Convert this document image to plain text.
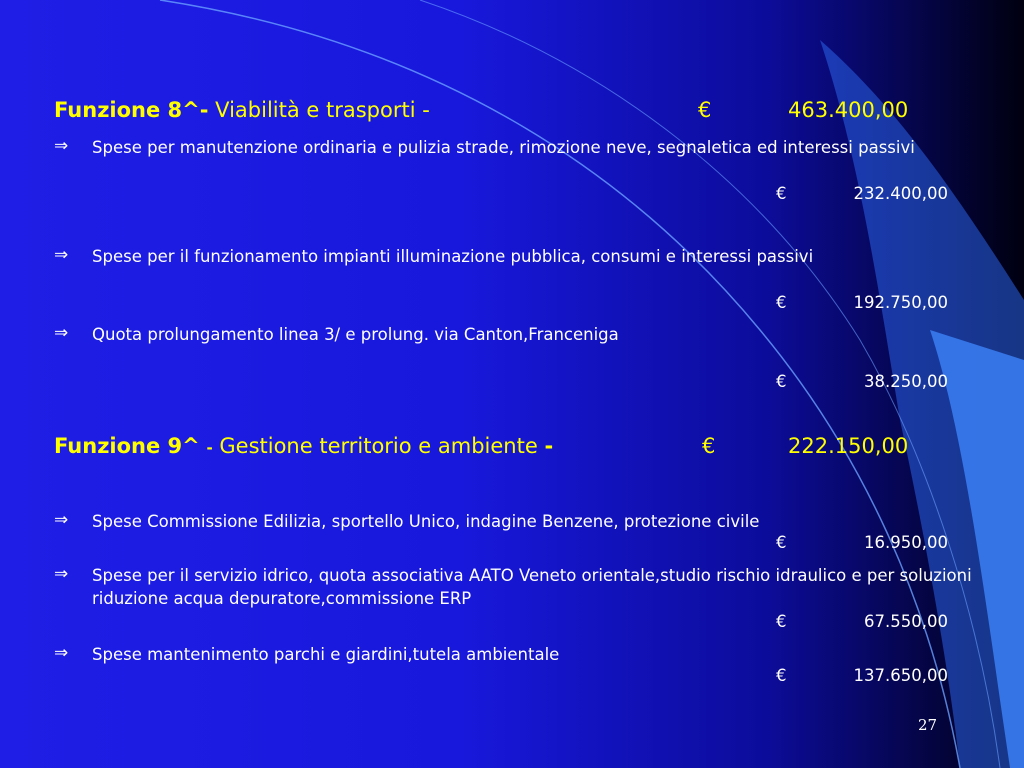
Funzione 8^- Viabilità e trasporti -	€	463.400,00
⇒ Spese per manutenzione ordinaria e pulizia strade, rimozione neve, segnaletica ed interessi passivi
€	232.400,00
⇒ Spese per il funzionamento impianti illuminazione pubblica, consumi e interessi passivi
€	192.750,00
⇒ Quota prolungamento linea 3/ e prolung. via Canton,Franceniga
€	38.250,00
Funzione 9^ - Gestione territorio e ambiente -	€	222.150,00
⇒ Spese Commissione Edilizia, sportello Unico, indagine Benzene, protezione civile
€	16.950,00
⇒ Spese per il servizio idrico, quota associativa AATO Veneto orientale,studio rischio idraulico e per soluzioni riduzione acqua depuratore,commissione ERP
€	67.550,00
⇒ Spese mantenimento parchi e giardini,tutela ambientale
€	137.650,00
27
